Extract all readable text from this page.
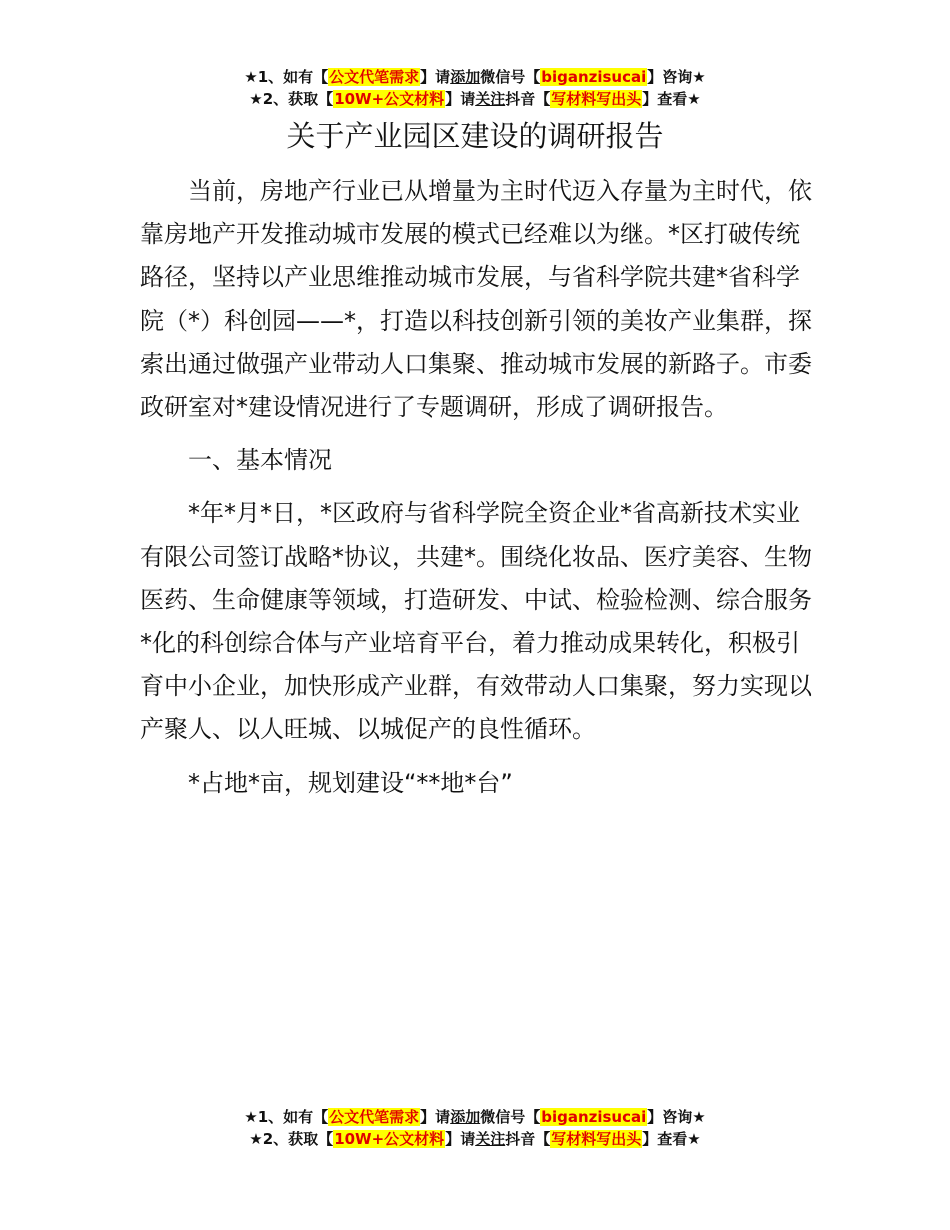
★1、如有【公文代笔需求】请添加微信号【biganzisucai】咨询★
★2、获取【10W+公文材料】请关注抖音【写材料写出头】查看★
关于产业园区建设的调研报告

当前，房地产行业已从增量为主时代迈入存量为主时代，依靠房地产开发推动城市发展的模式已经难以为继。*区打破传统路径，坚持以产业思维推动城市发展，与省科学院共建*省科学院（*）科创园——*，打造以科技创新引领的美妆产业集群，探索出通过做强产业带动人口集聚、推动城市发展的新路子。市委政研室对*建设情况进行了专题调研，形成了调研报告。

一、基本情况

*年*月*日，*区政府与省科学院全资企业*省高新技术实业有限公司签订战略*协议，共建*。围绕化妆品、医疗美容、生物医药、生命健康等领域，打造研发、中试、检验检测、综合服务*化的科创综合体与产业培育平台，着力推动成果转化，积极引育中小企业，加快形成产业群，有效带动人口集聚，努力实现以产聚人、以人旺城、以城促产的良性循环。

*占地*亩，规划建设“**地*台”

★1、如有【公文代笔需求】请添加微信号【biganzisucai】咨询★
★2、获取【10W+公文材料】请关注抖音【写材料写出头】查看★
